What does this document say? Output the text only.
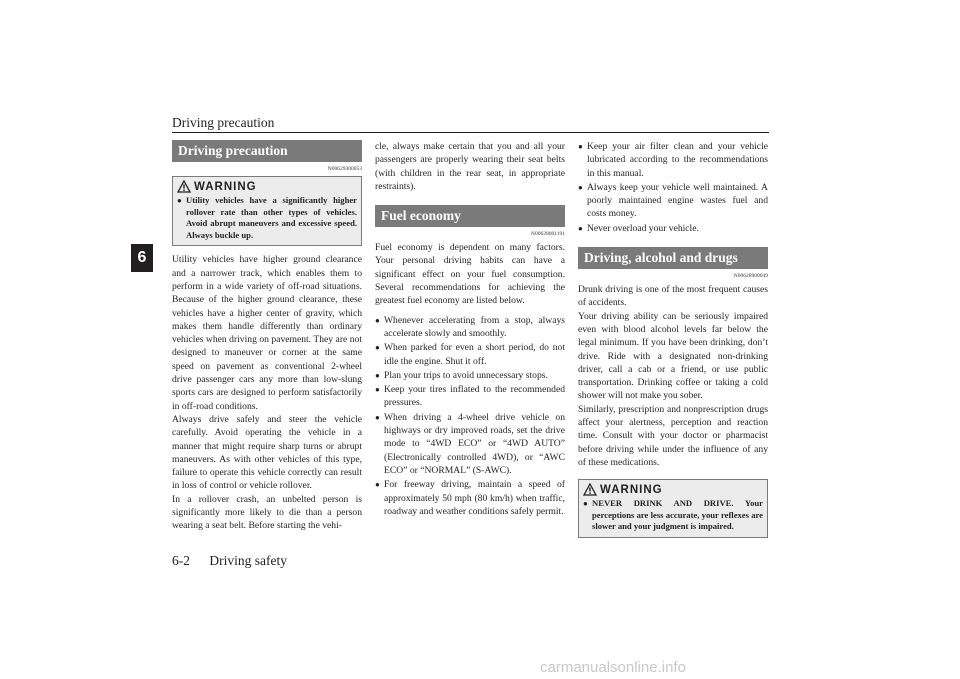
Driving precaution
6
Driving precaution
N00629300053
WARNING
● Utility vehicles have a significantly higher rollover rate than other types of vehicles. Avoid abrupt maneuvers and excessive speed. Always buckle up.

Utility vehicles have higher ground clearance and a narrower track, which enables them to perform in a wide variety of off-road situations. Because of the higher ground clearance, these vehicles have a higher center of gravity, which makes them handle differently than ordinary vehicles when driving on pavement. They are not designed to maneuver or corner at the same speed on pavement as conventional 2-wheel drive passenger cars any more than low-slung sports cars are designed to perform satisfactorily in off-road conditions.

Always drive safely and steer the vehicle carefully. Avoid operating the vehicle in a manner that might require sharp turns or abrupt maneuvers. As with other vehicles of this type, failure to operate this vehicle correctly can result in loss of control or vehicle rollover.

In a rollover crash, an unbelted person is significantly more likely to die than a person wearing a seat belt. Before starting the vehi-

cle, always make certain that you and all your passengers are properly wearing their seat belts (with children in the rear seat, in appropriate restraints).

Fuel economy
N00628001191

Fuel economy is dependent on many factors. Your personal driving habits can have a significant effect on your fuel consumption. Several recommendations for achieving the greatest fuel economy are listed below.

● Whenever accelerating from a stop, always accelerate slowly and smoothly.
● When parked for even a short period, do not idle the engine. Shut it off.
● Plan your trips to avoid unnecessary stops.
● Keep your tires inflated to the recommended pressures.
● When driving a 4-wheel drive vehicle on highways or dry improved roads, set the drive mode to “4WD ECO” or “4WD AUTO” (Electronically controlled 4WD), or “AWC ECO” or “NORMAL” (S-AWC).
● For freeway driving, maintain a speed of approximately 50 mph (80 km/h) when traffic, roadway and weather conditions safely permit.
● Keep your air filter clean and your vehicle lubricated according to the recommendations in this manual.
● Always keep your vehicle well maintained. A poorly maintained engine wastes fuel and costs money.
● Never overload your vehicle.
Driving, alcohol and drugs
N00628900049

Drunk driving is one of the most frequent causes of accidents.

Your driving ability can be seriously impaired even with blood alcohol levels far below the legal minimum. If you have been drinking, don’t drive. Ride with a designated non-drinking driver, call a cab or a friend, or use public transportation. Drinking coffee or taking a cold shower will not make you sober.

Similarly, prescription and nonprescription drugs affect your alertness, perception and reaction time. Consult with your doctor or pharmacist before driving while under the influence of any of these medications.

WARNING
● NEVER DRINK AND DRIVE. Your perceptions are less accurate, your reflexes are slower and your judgment is impaired.
6-2 Driving safety
carmanualsonline.info
